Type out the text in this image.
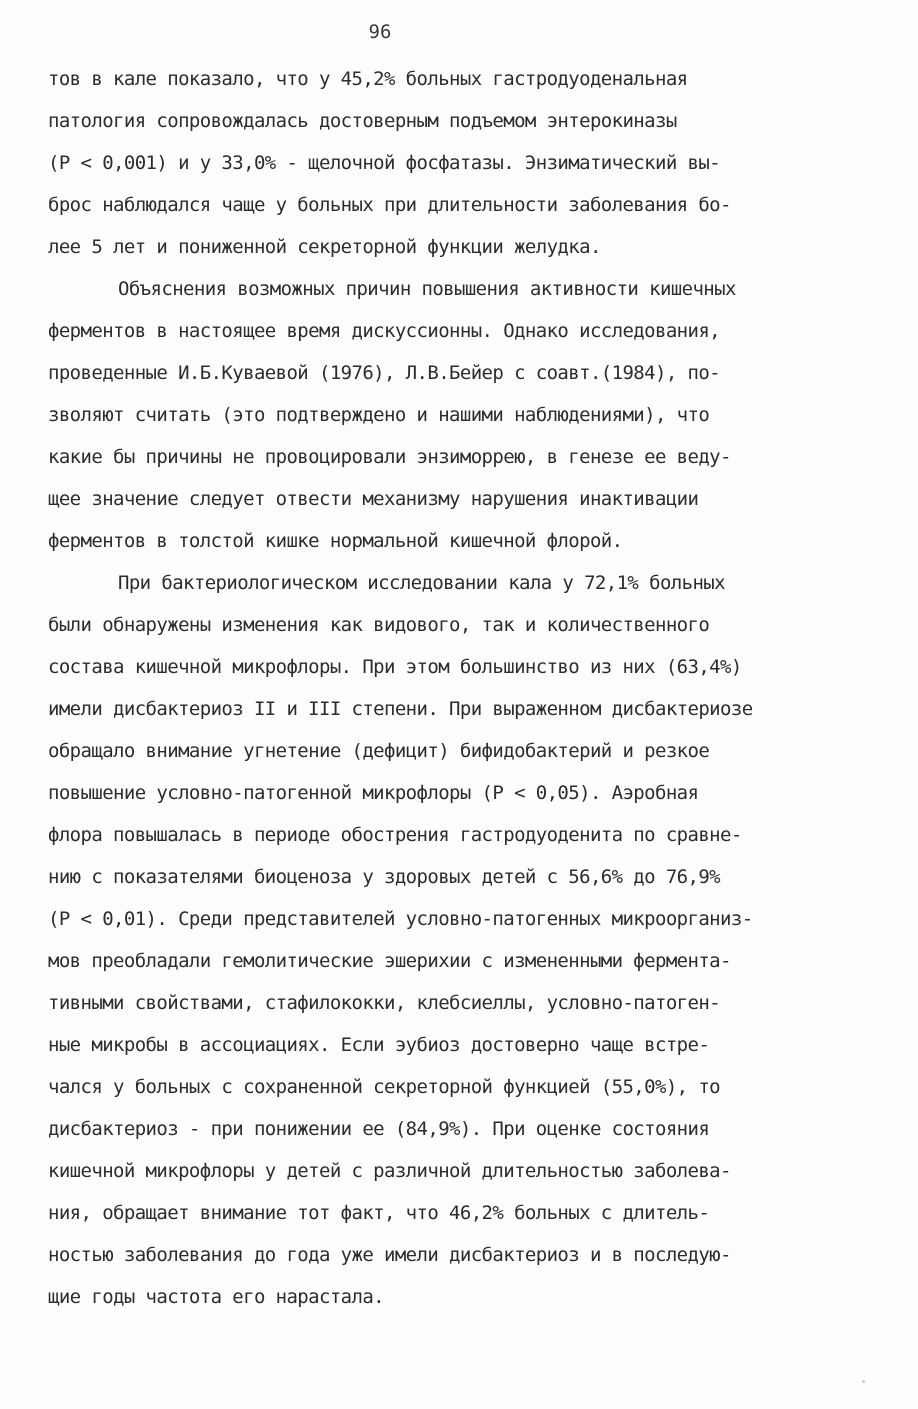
96
тов в кале показало, что у 45,2% больных гастродуоденальная
патология сопровождалась достоверным подъемом энтерокиназы
(P < 0,001) и у 33,0% - щелочной фосфатазы. Энзиматический вы-
брос наблюдался чаще у больных при длительности заболевания бо-
лее 5 лет и пониженной секреторной функции желудка.
Объяснения возможных причин повышения активности кишечных
ферментов в настоящее время дискуссионны. Однако исследования,
проведенные И.Б.Куваевой (1976), Л.В.Бейер с соавт.(1984), по-
зволяют считать (это подтверждено и нашими наблюдениями), что
какие бы причины не провоцировали энзиморрею, в генезе ее веду-
щее значение следует отвести механизму нарушения инактивации
ферментов в толстой кишке нормальной кишечной флорой.
При бактериологическом исследовании кала у 72,1% больных
были обнаружены изменения как видового, так и количественного
состава кишечной микрофлоры. При этом большинство из них (63,4%)
имели дисбактериоз II и III степени. При выраженном дисбактериозе
обращало внимание угнетение (дефицит) бифидобактерий и резкое
повышение условно-патогенной микрофлоры (P < 0,05). Аэробная
флора повышалась в периоде обострения гастродуоденита по сравне-
нию с показателями биоценоза у здоровых детей с 56,6% до 76,9%
(P < 0,01). Среди представителей условно-патогенных микроорганиз-
мов преобладали гемолитические эшерихии с измененными фермента-
тивными свойствами, стафилококки, клебсиеллы, условно-патоген-
ные микробы в ассоциациях. Если эубиоз достоверно чаще встре-
чался у больных с сохраненной секреторной функцией (55,0%), то
дисбактериоз - при понижении ее (84,9%). При оценке состояния
кишечной микрофлоры у детей с различной длительностью заболева-
ния, обращает внимание тот факт, что 46,2% больных с длитель-
ностью заболевания до года уже имели дисбактериоз и в последую-
щие годы частота его нарастала.
